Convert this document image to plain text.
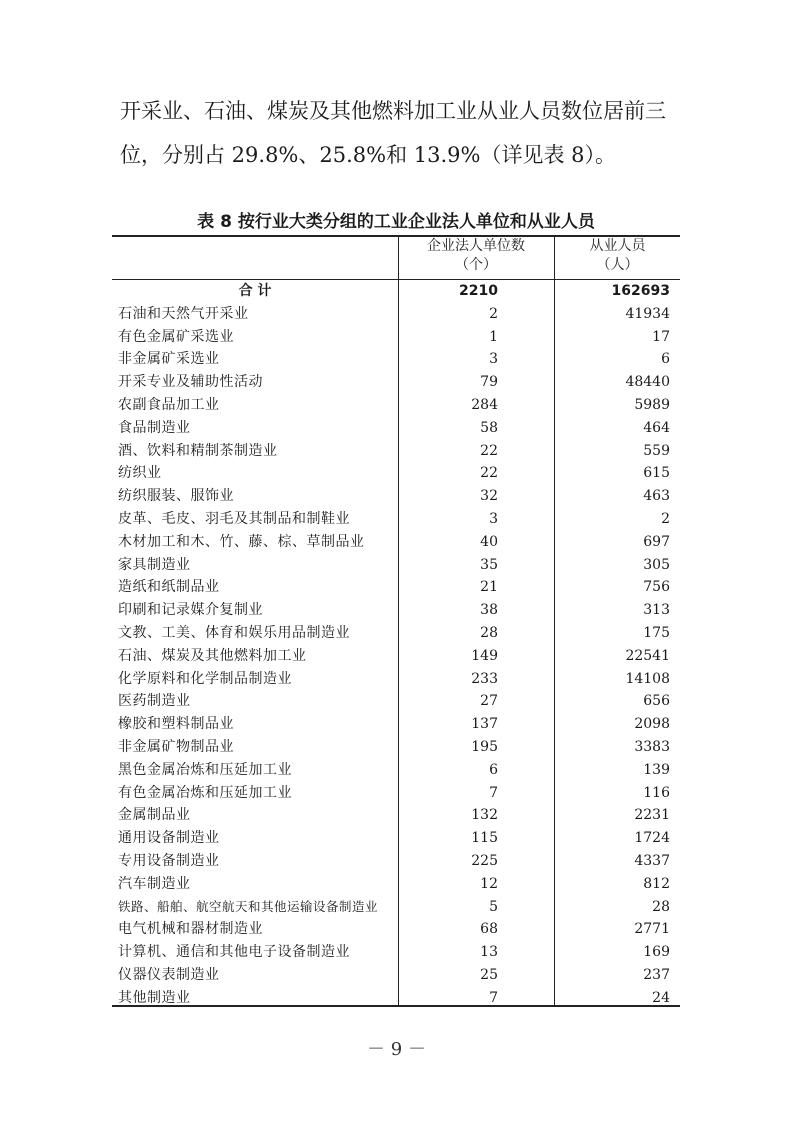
开采业、石油、煤炭及其他燃料加工业从业人员数位居前三
位，分别占 29.8%、25.8%和 13.9%（详见表 8）。
表 8 按行业大类分组的工业企业法人单位和从业人员
企业法人单位数
（个）
从业人员
（人）
合 计	2210	162693
石油和天然气开采业	2	41934
有色金属矿采选业	1	17
非金属矿采选业	3	6
开采专业及辅助性活动	79	48440
农副食品加工业	284	5989
食品制造业	58	464
酒、饮料和精制茶制造业	22	559
纺织业	22	615
纺织服装、服饰业	32	463
皮革、毛皮、羽毛及其制品和制鞋业	3	2
木材加工和木、竹、藤、棕、草制品业	40	697
家具制造业	35	305
造纸和纸制品业	21	756
印刷和记录媒介复制业	38	313
文教、工美、体育和娱乐用品制造业	28	175
石油、煤炭及其他燃料加工业	149	22541
化学原料和化学制品制造业	233	14108
医药制造业	27	656
橡胶和塑料制品业	137	2098
非金属矿物制品业	195	3383
黑色金属冶炼和压延加工业	6	139
有色金属冶炼和压延加工业	7	116
金属制品业	132	2231
通用设备制造业	115	1724
专用设备制造业	225	4337
汽车制造业	12	812
铁路、船舶、航空航天和其他运输设备制造业	5	28
电气机械和器材制造业	68	2771
计算机、通信和其他电子设备制造业	13	169
仪器仪表制造业	25	237
其他制造业	7	24
－ 9 －
